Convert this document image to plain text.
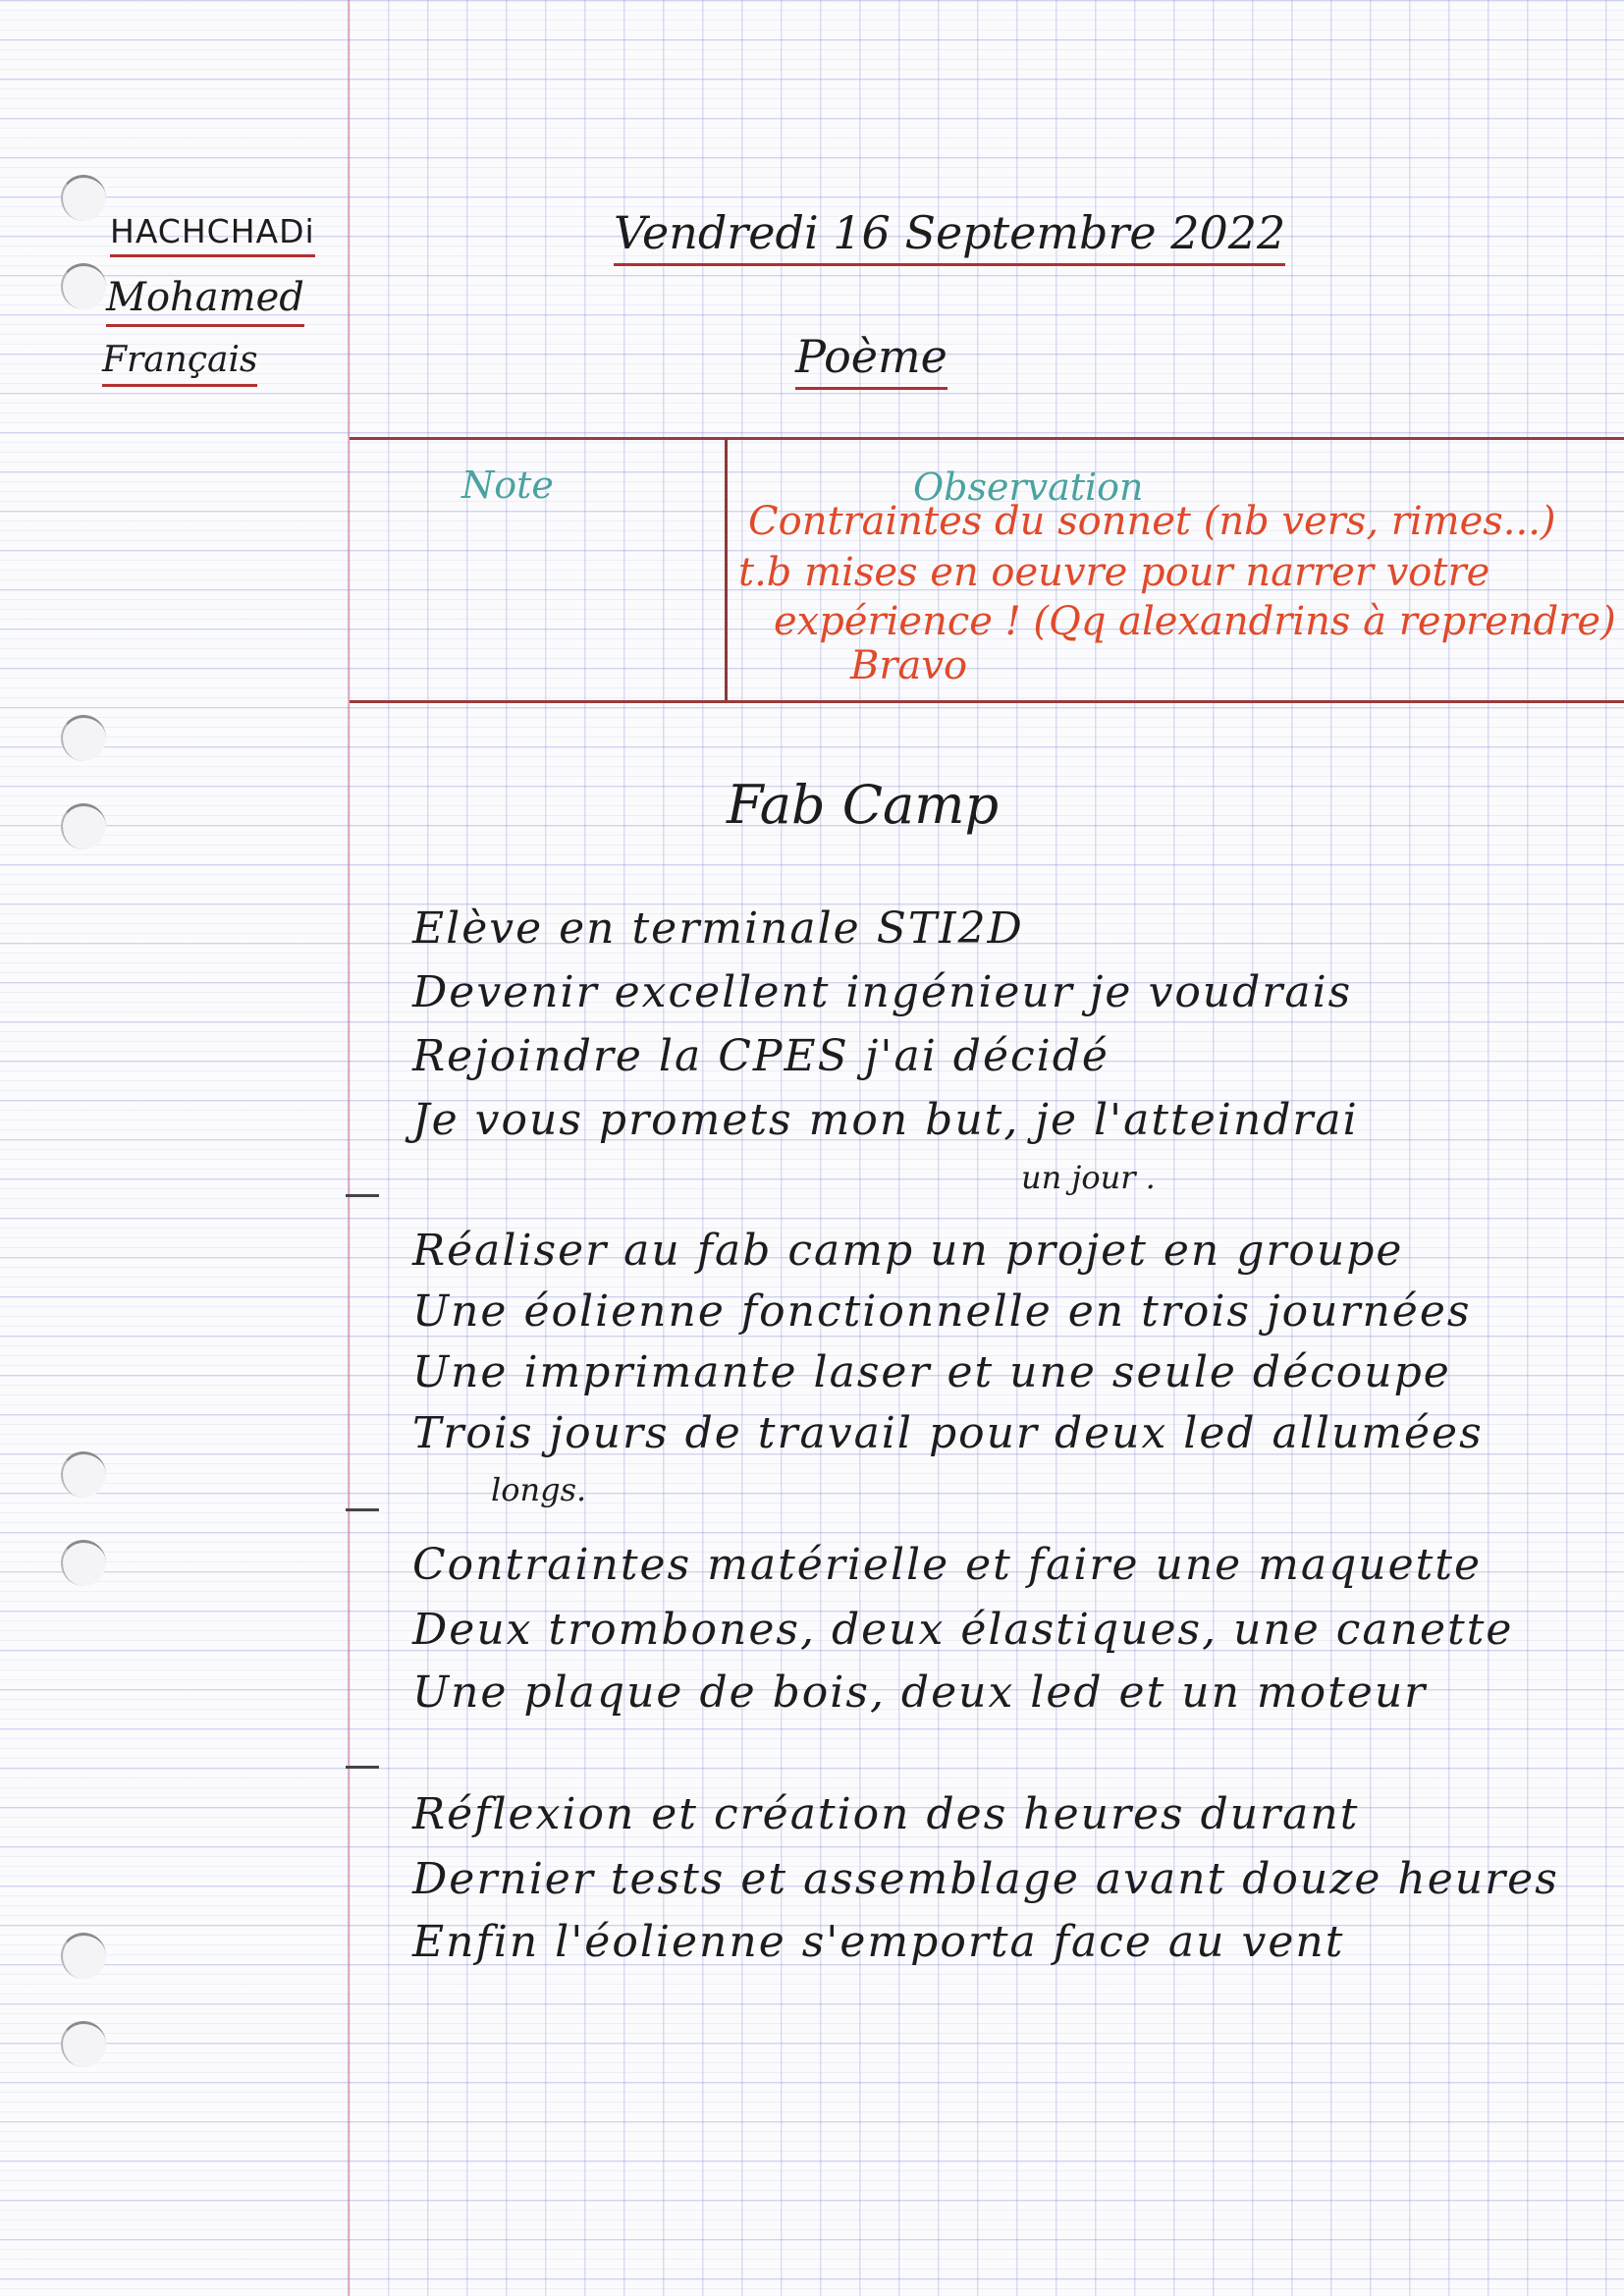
HACHCHADi
Mohamed
Français
Vendredi 16 Septembre 2022
Poème
Note	Observation
Contraintes du sonnet (nb vers, rimes...)
t.b mises en oeuvre pour narrer votre
expérience ! (Qq alexandrins à reprendre)
Bravo
Fab Camp
Elève en terminale STI2D
Devenir excellent ingénieur je voudrais
Rejoindre la CPES j'ai décidé
Je vous promets mon but, je l'atteindrai
un jour .
Réaliser au fab camp un projet en groupe
Une éolienne fonctionnelle en trois journées
Une imprimante laser et une seule découpe
Trois jours de travail pour deux led allumées
longs.
Contraintes matérielle et faire une maquette
Deux trombones, deux élastiques, une canette
Une plaque de bois, deux led et un moteur
Réflexion et création des heures durant
Dernier tests et assemblage avant douze heures
Enfin l'éolienne s'emporta face au vent
